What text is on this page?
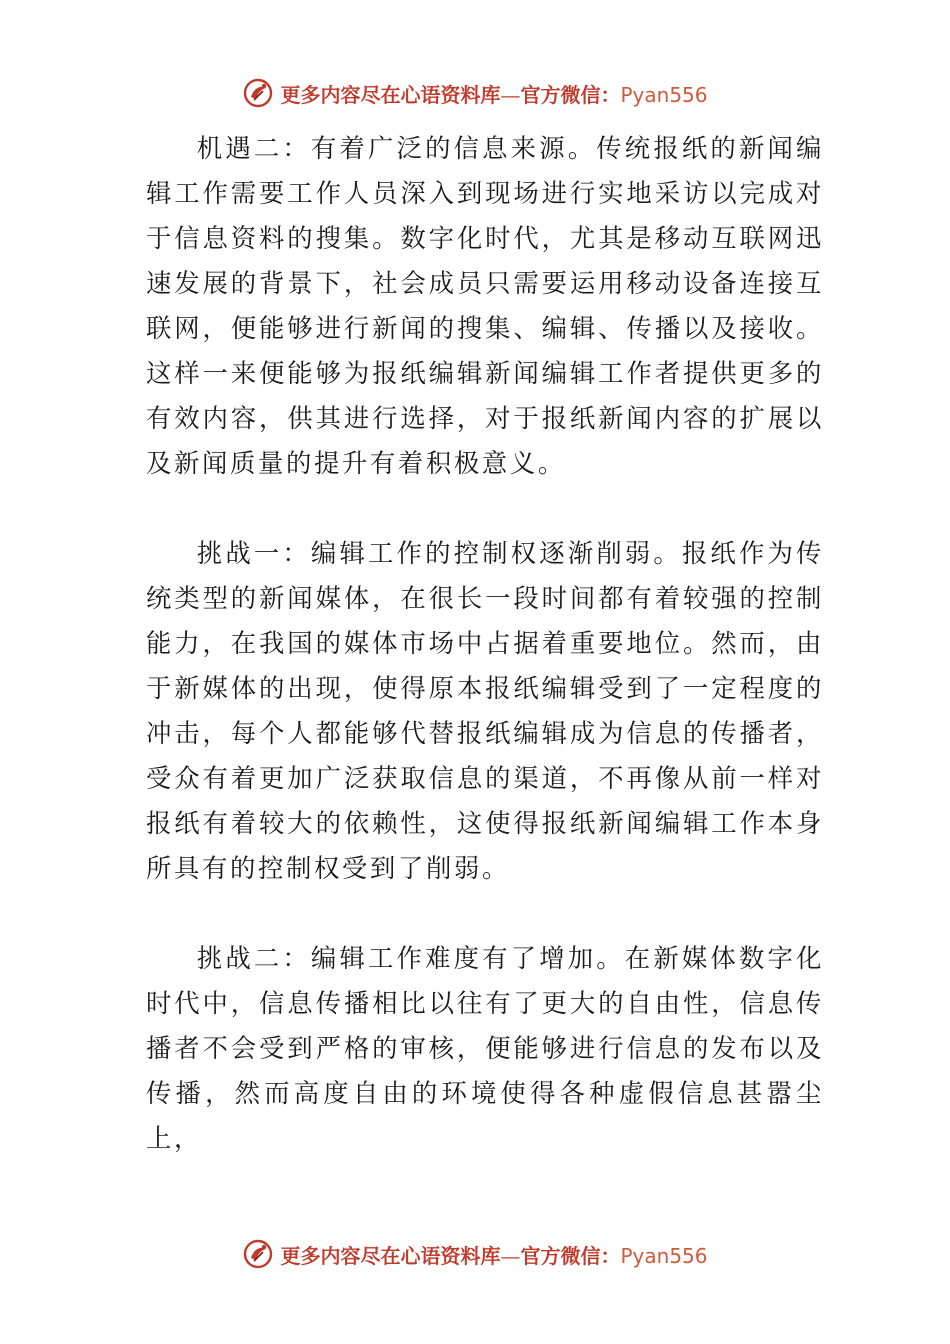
更多内容尽在心语资料库—官方微信：Pyan556

机遇二：有着广泛的信息来源。传统报纸的新闻编辑工作需要工作人员深入到现场进行实地采访以完成对于信息资料的搜集。数字化时代，尤其是移动互联网迅速发展的背景下，社会成员只需要运用移动设备连接互联网，便能够进行新闻的搜集、编辑、传播以及接收。这样一来便能够为报纸编辑新闻编辑工作者提供更多的有效内容，供其进行选择，对于报纸新闻内容的扩展以及新闻质量的提升有着积极意义。

挑战一：编辑工作的控制权逐渐削弱。报纸作为传统类型的新闻媒体，在很长一段时间都有着较强的控制能力，在我国的媒体市场中占据着重要地位。然而，由于新媒体的出现，使得原本报纸编辑受到了一定程度的冲击，每个人都能够代替报纸编辑成为信息的传播者，受众有着更加广泛获取信息的渠道，不再像从前一样对报纸有着较大的依赖性，这使得报纸新闻编辑工作本身所具有的控制权受到了削弱。

挑战二：编辑工作难度有了增加。在新媒体数字化时代中，信息传播相比以往有了更大的自由性，信息传播者不会受到严格的审核，便能够进行信息的发布以及传播，然而高度自由的环境使得各种虚假信息甚嚣尘上，

更多内容尽在心语资料库—官方微信：Pyan556
